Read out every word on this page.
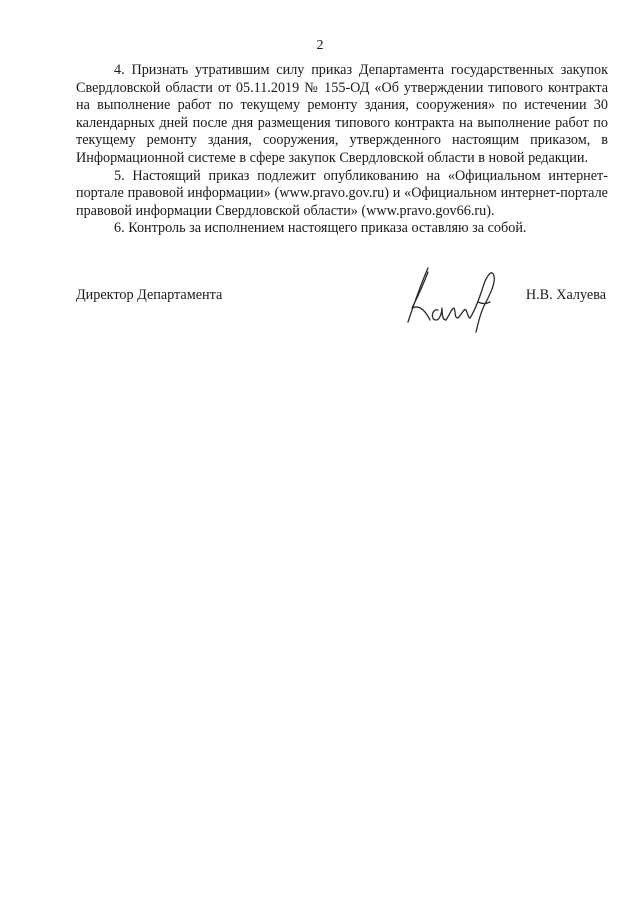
2

4. Признать утратившим силу приказ Департамента государственных закупок Свердловской области от 05.11.2019 № 155-ОД «Об утверждении типового контракта на выполнение работ по текущему ремонту здания, сооружения» по истечении 30 календарных дней после дня размещения типового контракта на выполнение работ по текущему ремонту здания, сооружения, утвержденного настоящим приказом, в Информационной системе в сфере закупок Свердловской области в новой редакции.

5. Настоящий приказ подлежит опубликованию на «Официальном интернет-портале правовой информации» (www.pravo.gov.ru) и «Официальном интернет-портале правовой информации Свердловской области» (www.pravo.gov66.ru).

6. Контроль за исполнением настоящего приказа оставляю за собой.

Директор Департамента	Н.В. Халуева
